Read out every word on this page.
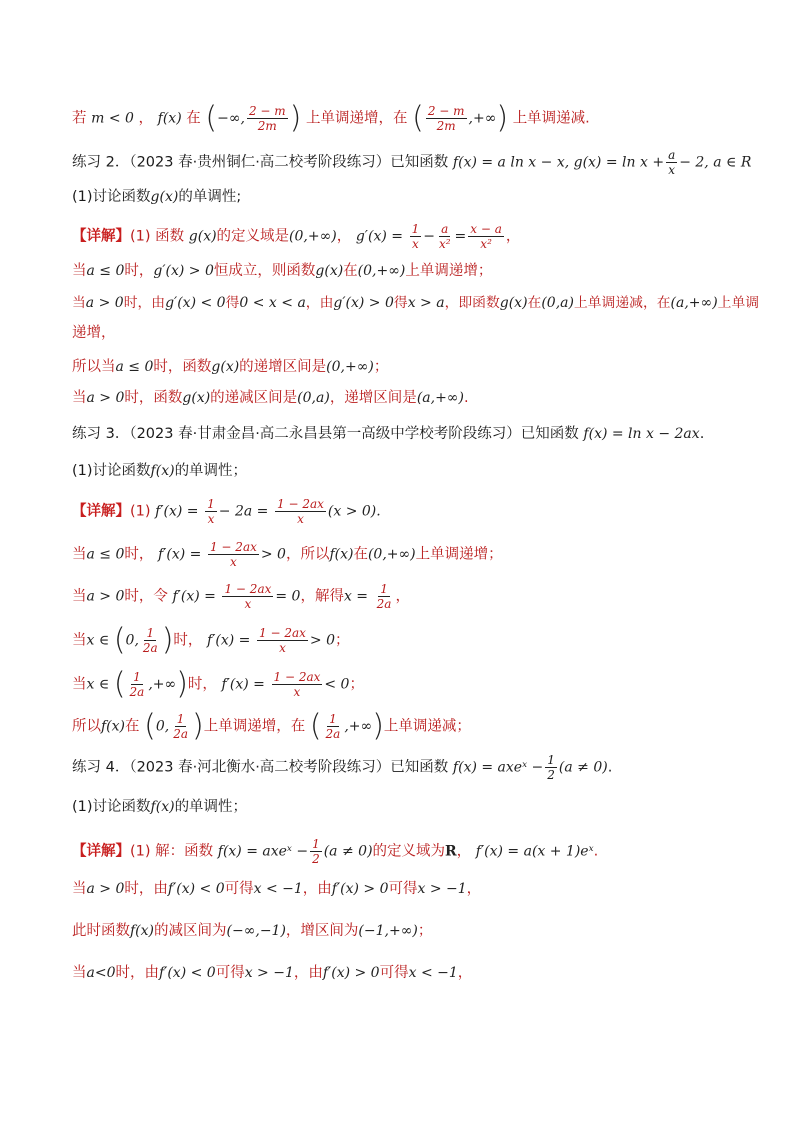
若 m < 0 ， f(x) 在 (−∞, $\frac{2 - m}{2m}$ ) 上单调递增，在 ( $\frac{2 - m}{2m}$ ,+∞) 上单调递减.
练习 2．（2023 春·贵州铜仁·高二校考阶段练习）已知函数 f(x) = a ln x − x, $g(x) = \ln x + \frac{a}{x} - 2$, a ∈ R
(1)讨论函数g(x)的单调性;
【详解】(1) 函数 g(x)的定义域是(0,+∞)， $g'(x) = \frac{1}{x} - \frac{a}{\text{x²}} = \frac{x - a}{\text{x²}}$ ，
当a ≤ 0时，g′(x) > 0恒成立，则函数g(x)在(0,+∞)上单调递增；
当a > 0时，由g′(x) < 0得0 < x < a，由g′(x) > 0得x > a，即函数g(x)在(0,a)上单调递减，在(a,+∞)上单调
递增，
所以当a ≤ 0时，函数g(x)的递增区间是(0,+∞)；
当a > 0时，函数g(x)的递减区间是(0,a)，递增区间是(a,+∞).
练习 3．（2023 春·甘肃金昌·高二永昌县第一高级中学校考阶段练习）已知函数 f(x) = ln x − 2ax.
(1)讨论函数f(x)的单调性；
【详解】(1) $f'(x) = \frac{1}{x} - 2a = \frac{1 - 2ax}{x} (x > 0)$.
当a ≤ 0时， $f'(x) = \frac{1 - 2ax}{x} > 0$，所以f(x)在(0,+∞)上单调递增；
当a > 0时，令 $f'(x) = \frac{1 - 2ax}{x} = 0$，解得$x = \frac{1}{2a}$ ，
当x ∈ (0, $\frac{1}{2a}$ )时， $f'(x) = \frac{1 - 2ax}{x} > 0$；
当x ∈ ( $\frac{1}{2a}$ ,+∞)时， $f'(x) = \frac{1 - 2ax}{x} < 0$；
所以f(x)在 (0, $\frac{1}{2a}$ )上单调递增，在 ( $\frac{1}{2a}$ ,+∞)上单调递减；
练习 4．（2023 春·河北衡水·高二校考阶段练习）已知函数 f(x) = axeˣ − $\frac{1}{2} (a \ne 0)$.
(1)讨论函数f(x)的单调性；
【详解】(1) 解：函数 f(x) = axeˣ − $\frac{1}{2} (a \ne 0)$的定义域为R， f′(x) = a(x + 1)eˣ.
当a > 0时，由f′(x) < 0可得x < −1，由f′(x) > 0可得x > −1，
此时函数f(x)的减区间为(−∞,−1)，增区间为(−1,+∞)；
当a<0时，由f′(x) < 0可得x > −1，由f′(x) > 0可得x < −1，
